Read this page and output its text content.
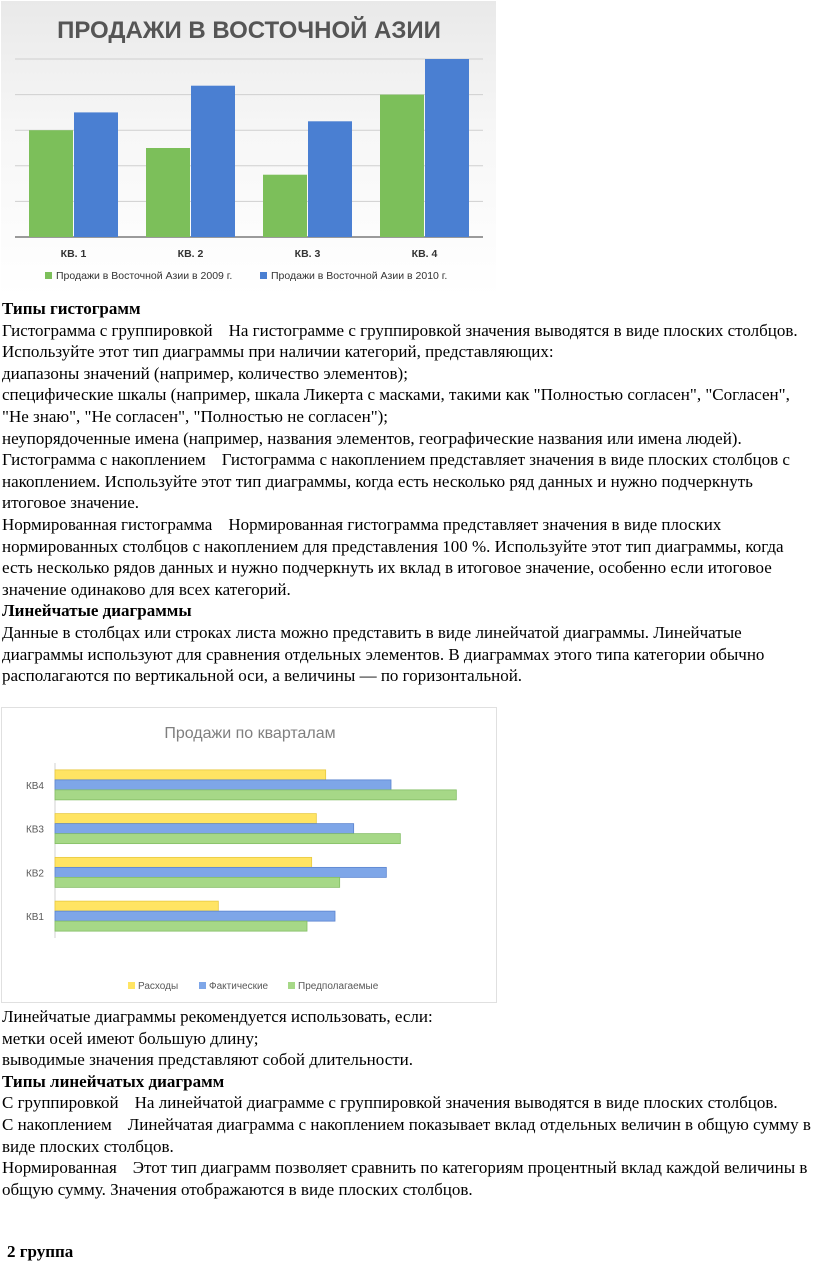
ПРОДАЖИ В ВОСТОЧНОЙ АЗИИ
КВ. 1	КВ. 2	КВ. 3	КВ. 4
Продажи в Восточной Азии в 2009 г.	Продажи в Восточной Азии в 2010 г.

Типы гистограмм

Гистограмма с группировкой На гистограмме с группировкой значения выводятся в виде плоских столбцов. Используйте этот тип диаграммы при наличии категорий, представляющих:

диапазоны значений (например, количество элементов);

специфические шкалы (например, шкала Ликерта с масками, такими как "Полностью согласен", "Согласен", "Не знаю", "Не согласен", "Полностью не согласен");

неупорядоченные имена (например, названия элементов, географические названия или имена людей).

Гистограмма с накоплением Гистограмма с накоплением представляет значения в виде плоских столбцов с накоплением. Используйте этот тип диаграммы, когда есть несколько ряд данных и нужно подчеркнуть итоговое значение.

Нормированная гистограмма Нормированная гистограмма представляет значения в виде плоских нормированных столбцов с накоплением для представления 100 %. Используйте этот тип диаграммы, когда есть несколько рядов данных и нужно подчеркнуть их вклад в итоговое значение, особенно если итоговое значение одинаково для всех категорий.

Линейчатые диаграммы

Данные в столбцах или строках листа можно представить в виде линейчатой диаграммы. Линейчатые диаграммы используют для сравнения отдельных элементов. В диаграммах этого типа категории обычно располагаются по вертикальной оси, а величины — по горизонтальной.

Продажи по кварталам
КВ1
КВ2
КВ3
КВ4
Расходы	Фактические	Предполагаемые

Линейчатые диаграммы рекомендуется использовать, если:

метки осей имеют большую длину;

выводимые значения представляют собой длительности.

Типы линейчатых диаграмм

С группировкой На линейчатой диаграмме с группировкой значения выводятся в виде плоских столбцов.

С накоплением Линейчатая диаграмма с накоплением показывает вклад отдельных величин в общую сумму в виде плоских столбцов.

Нормированная Этот тип диаграмм позволяет сравнить по категориям процентный вклад каждой величины в общую сумму. Значения отображаются в виде плоских столбцов.

2 группа
